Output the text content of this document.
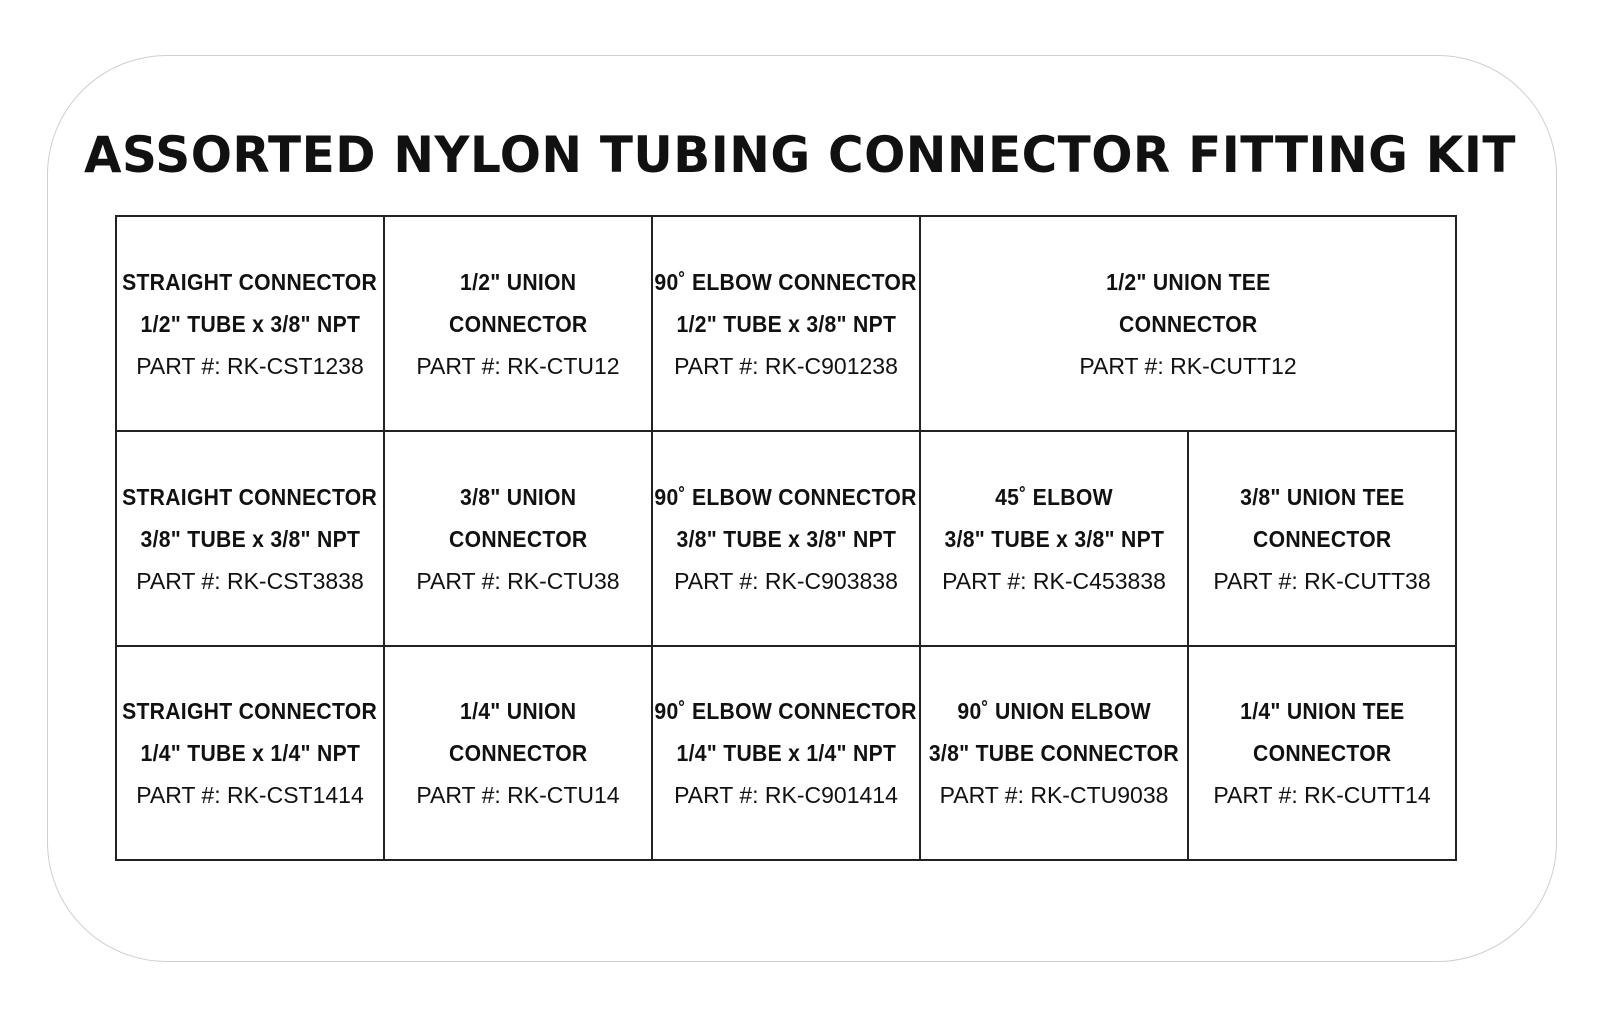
ASSORTED NYLON TUBING CONNECTOR FITTING KIT
STRAIGHT CONNECTOR
1/2" TUBE x 3/8" NPT
PART #: RK-CST1238
1/2" UNION
CONNECTOR
PART #: RK-CTU12
90˚ ELBOW CONNECTOR
1/2" TUBE x 3/8" NPT
PART #: RK-C901238
1/2" UNION TEE
CONNECTOR
PART #: RK-CUTT12
STRAIGHT CONNECTOR
3/8" TUBE x 3/8" NPT
PART #: RK-CST3838
3/8" UNION
CONNECTOR
PART #: RK-CTU38
90˚ ELBOW CONNECTOR
3/8" TUBE x 3/8" NPT
PART #: RK-C903838
45˚ ELBOW
3/8" TUBE x 3/8" NPT
PART #: RK-C453838
3/8" UNION TEE
CONNECTOR
PART #: RK-CUTT38
STRAIGHT CONNECTOR
1/4" TUBE x 1/4" NPT
PART #: RK-CST1414
1/4" UNION
CONNECTOR
PART #: RK-CTU14
90˚ ELBOW CONNECTOR
1/4" TUBE x 1/4" NPT
PART #: RK-C901414
90˚ UNION ELBOW
3/8" TUBE CONNECTOR
PART #: RK-CTU9038
1/4" UNION TEE
CONNECTOR
PART #: RK-CUTT14
